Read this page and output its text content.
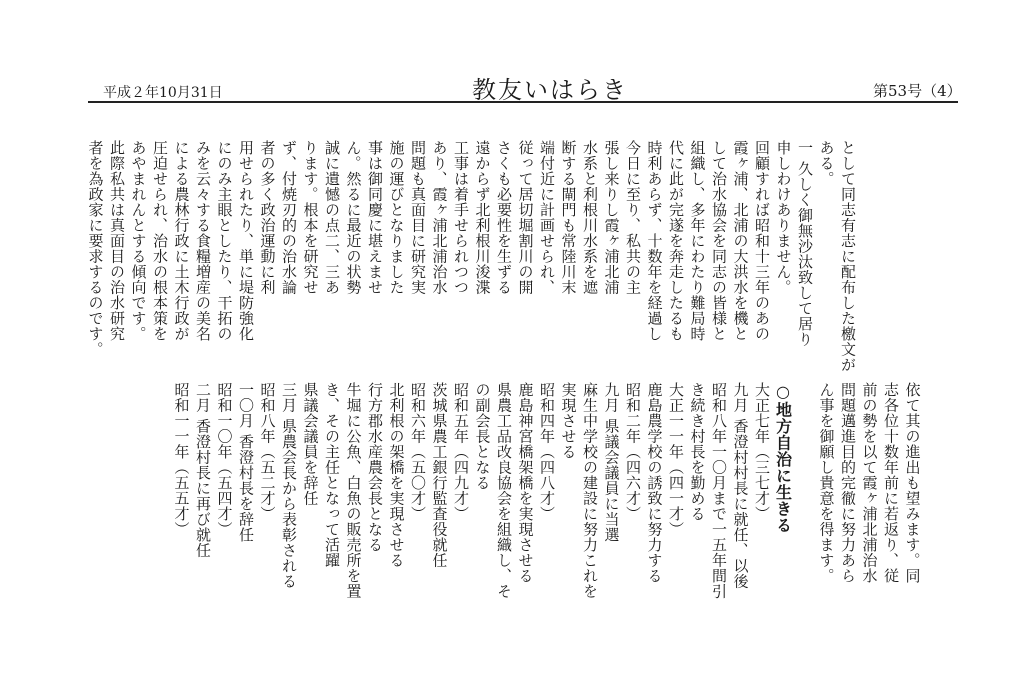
平成２年10月31日	教友いはらき	第53号（4）
として同志有志に配布した檄文が
ある。
一 久しく御無沙汰致して居り
申しわけありません。
回顧すれば昭和十三年のあの
霞ヶ浦、北浦の大洪水を機と
して治水協会を同志の皆様と
組織し、多年にわたり難局時
代に此が完遂を奔走したるも
時利あらず、十数年を経過し
今日に至り、私共の主
張し来りし霞ヶ浦北浦
水系と利根川水系を遮
断する閘門も常陸川末
端付近に計画せられ、
従って居切堀割川の開
さくも必要性を生ずる
遠からず北利根川浚渫
工事は着手せられつつ
あり、霞ヶ浦北浦治水
問題も真面目に研究実
施の運びとなりました
事は御同慶に堪えませ
ん。然るに最近の状勢
誠に遺憾の点二、三あ
ります。根本を研究せ
ず、付焼刃的の治水論
者の多く政治運動に利
用せられたり、単に堤防強化
にのみ主眼としたり、干拓の
みを云々する食糧増産の美名
による農林行政に土木行政が
圧迫せられ、治水の根本策を
あやまれんとする傾向です。
此際私共は真面目の治水研究
者を為政家に要求するのです。
依て其の進出も望みます。同
志各位十数年前に若返り、従
前の勢を以て霞ヶ浦北浦治水
問題邁進目的完徹に努力あら
ん事を御願し貴意を得ます。
○地方自治に生きる
大正七年（三七才）
九月 香澄村村長に就任、以後
昭和八年一〇月まで一五年間引
き続き村長を勤める
大正一一年（四一才）
鹿島農学校の誘致に努力する
昭和二年（四六才）
九月 県議会議員に当選
麻生中学校の建設に努力これを
実現させる
昭和四年（四八才）
鹿島神宮橋架橋を実現させる
県農工品改良協会を組織し、そ
の副会長となる
昭和五年（四九才）
茨城県農工銀行監査役就任
昭和六年（五〇才）
北利根の架橋を実現させる
行方郡水産農会長となる
牛堀に公魚、白魚の販売所を置
き、その主任となって活躍
県議会議員を辞任
三月 県農会長から表彰される
昭和八年（五二才）
一〇月 香澄村長を辞任
昭和一〇年（五四才）
二月 香澄村長に再び就任
昭和一一年（五五才）
